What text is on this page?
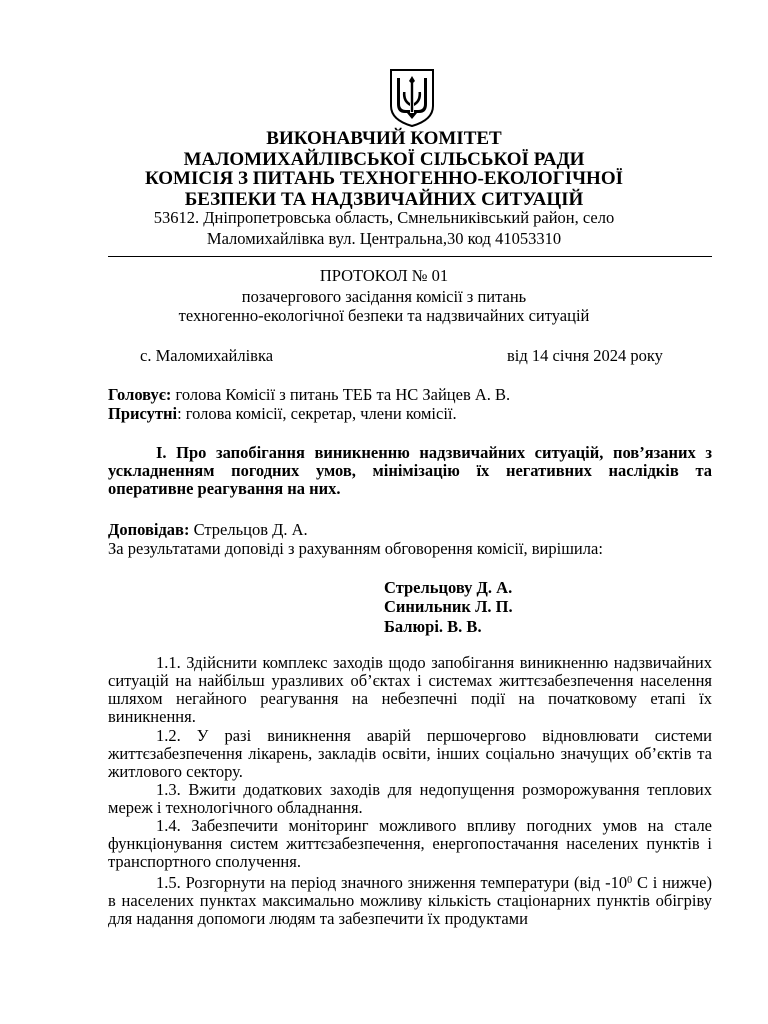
ВИКОНАВЧИЙ КОМІТЕТ
МАЛОМИХАЙЛІВСЬКОЇ СІЛЬСЬКОЇ РАДИ
КОМІСІЯ З ПИТАНЬ ТЕХНОГЕННО-ЕКОЛОГІЧНОЇ
БЕЗПЕКИ ТА НАДЗВИЧАЙНИХ СИТУАЦІЙ
53612. Дніпропетровська область, Смнельниківський район, село
Маломихайлівка вул. Центральна,30 код 41053310
ПРОТОКОЛ № 01
позачергового засідання комісії з питань
техногенно-екологічної безпеки та надзвичайних ситуацій
с. Маломихайлівка	від 14 січня 2024 року
Головує: голова Комісії з питань ТЕБ та НС Зайцев А. В.
Присутні: голова комісії, секретар, члени комісії.
І. Про запобігання виникненню надзвичайних ситуацій, пов’язаних з ускладненням погодних умов, мінімізацію їх негативних наслідків та оперативне реагування на них.
Доповідав: Стрельцов Д. А.
За результатами доповіді з рахуванням обговорення комісії, вирішила:
Стрельцову Д. А.
Синильник Л. П.
Балюрі. В. В.
1.1. Здійснити комплекс заходів щодо запобігання виникненню надзвичайних ситуацій на найбільш уразливих об’єктах і системах життєзабезпечення населення шляхом негайного реагування на небезпечні події на початковому етапі їх виникнення.
1.2. У разі виникнення аварій першочергово відновлювати системи життєзабезпечення лікарень, закладів освіти, інших соціально значущих об’єктів та житлового сектору.
1.3. Вжити додаткових заходів для недопущення розморожування теплових мереж і технологічного обладнання.
1.4. Забезпечити моніторинг можливого впливу погодних умов на стале функціонування систем життєзабезпечення, енергопостачання населених пунктів і транспортного сполучення.
1.5. Розгорнути на період значного зниження температури (від $-10^0$ С і нижче) в населених пунктах максимально можливу кількість стаціонарних пунктів обігріву для надання допомоги людям та забезпечити їх продуктами
